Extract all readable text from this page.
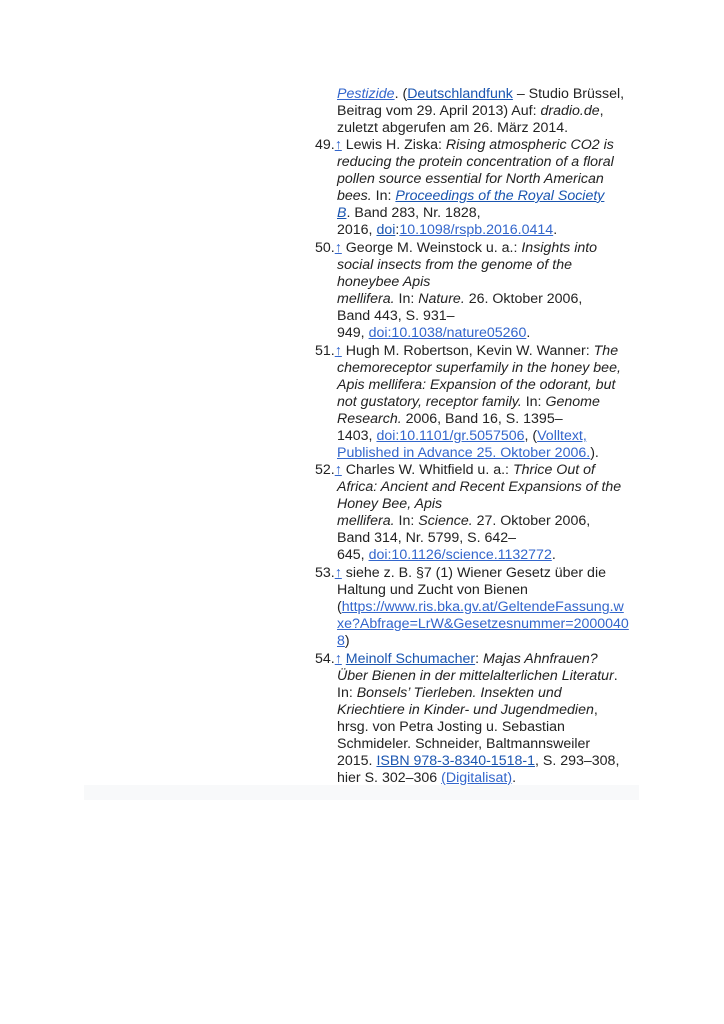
Pestizide. (Deutschlandfunk – Studio Brüssel,
Beitrag vom 29. April 2013) Auf: dradio.de,
zuletzt abgerufen am 26. März 2014.
49.↑ Lewis H. Ziska: Rising atmospheric CO2 is
reducing the protein concentration of a floral
pollen source essential for North American
bees. In: Proceedings of the Royal Society
B. Band 283, Nr. 1828,
2016, doi:10.1098/rspb.2016.0414.
50.↑ George M. Weinstock u. a.: Insights into
social insects from the genome of the
honeybee Apis
mellifera. In: Nature. 26. Oktober 2006,
Band 443, S. 931–
949, doi:10.1038/nature05260.
51.↑ Hugh M. Robertson, Kevin W. Wanner: The
chemoreceptor superfamily in the honey bee,
Apis mellifera: Expansion of the odorant, but
not gustatory, receptor family. In: Genome
Research. 2006, Band 16, S. 1395–
1403, doi:10.1101/gr.5057506, (Volltext,
Published in Advance 25. Oktober 2006.).
52.↑ Charles W. Whitfield u. a.: Thrice Out of
Africa: Ancient and Recent Expansions of the
Honey Bee, Apis
mellifera. In: Science. 27. Oktober 2006,
Band 314, Nr. 5799, S. 642–
645, doi:10.1126/science.1132772.
53.↑ siehe z. B. §7 (1) Wiener Gesetz über die
Haltung und Zucht von Bienen
(https://www.ris.bka.gv.at/GeltendeFassung.w
xe?Abfrage=LrW&Gesetzesnummer=2000040
8)
54.↑ Meinolf Schumacher: Majas Ahnfrauen?
Über Bienen in der mittelalterlichen Literatur.
In: Bonsels’ Tierleben. Insekten und
Kriechtiere in Kinder- und Jugendmedien,
hrsg. von Petra Josting u. Sebastian
Schmideler. Schneider, Baltmannsweiler
2015. ISBN 978-3-8340-1518-1, S. 293–308,
hier S. 302–306 (Digitalisat).
